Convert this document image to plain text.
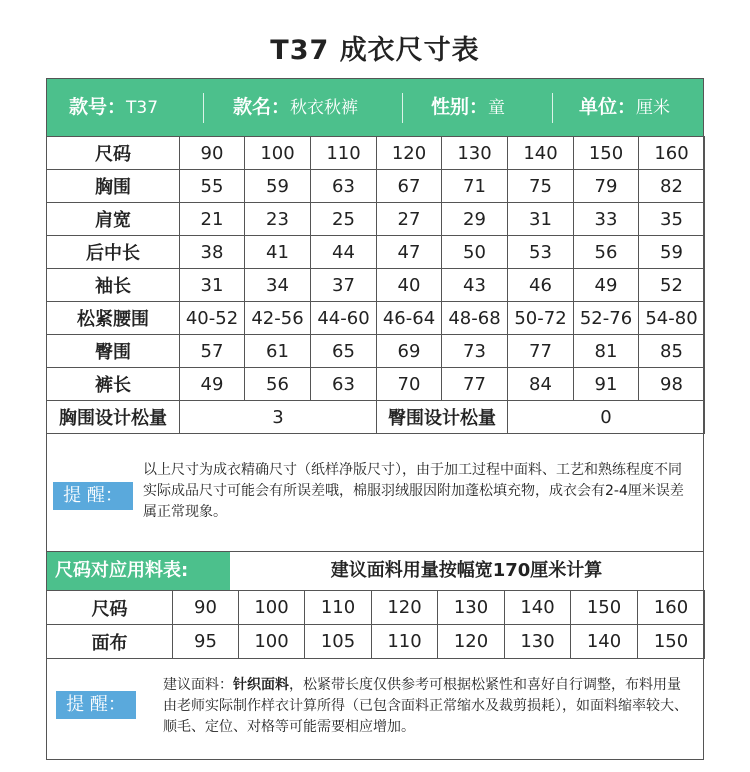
T37 成衣尺寸表
款号：T37	款名：秋衣秋裤	性别：童	单位：厘米
尺码	90	100	110	120	130	140	150	160
胸围	55	59	63	67	71	75	79	82
肩宽	21	23	25	27	29	31	33	35
后中长	38	41	44	47	50	53	56	59
袖长	31	34	37	40	43	46	49	52
松紧腰围	40-52	42-56	44-60	46-64	48-68	50-72	52-76	54-80
臀围	57	61	65	69	73	77	81	85
裤长	49	56	63	70	77	84	91	98
胸围设计松量	3			臀围设计松量		0		
提 醒：
以上尺寸为成衣精确尺寸（纸样净版尺寸），由于加工过程中面料、工艺和熟练程度不同实际成品尺寸可能会有所误差哦，棉服羽绒服因附加蓬松填充物，成衣会有2-4厘米误差属正常现象。
尺码对应用料表:	建议面料用量按幅宽170厘米计算
尺码	90	100	110	120	130	140	150	160
面布	95	100	105	110	120	130	140	150
提 醒：
建议面料：针织面料，松紧带长度仅供参考可根据松紧性和喜好自行调整，布料用量由老师实际制作样衣计算所得（已包含面料正常缩水及裁剪损耗），如面料缩率较大、顺毛、定位、对格等可能需要相应增加。
